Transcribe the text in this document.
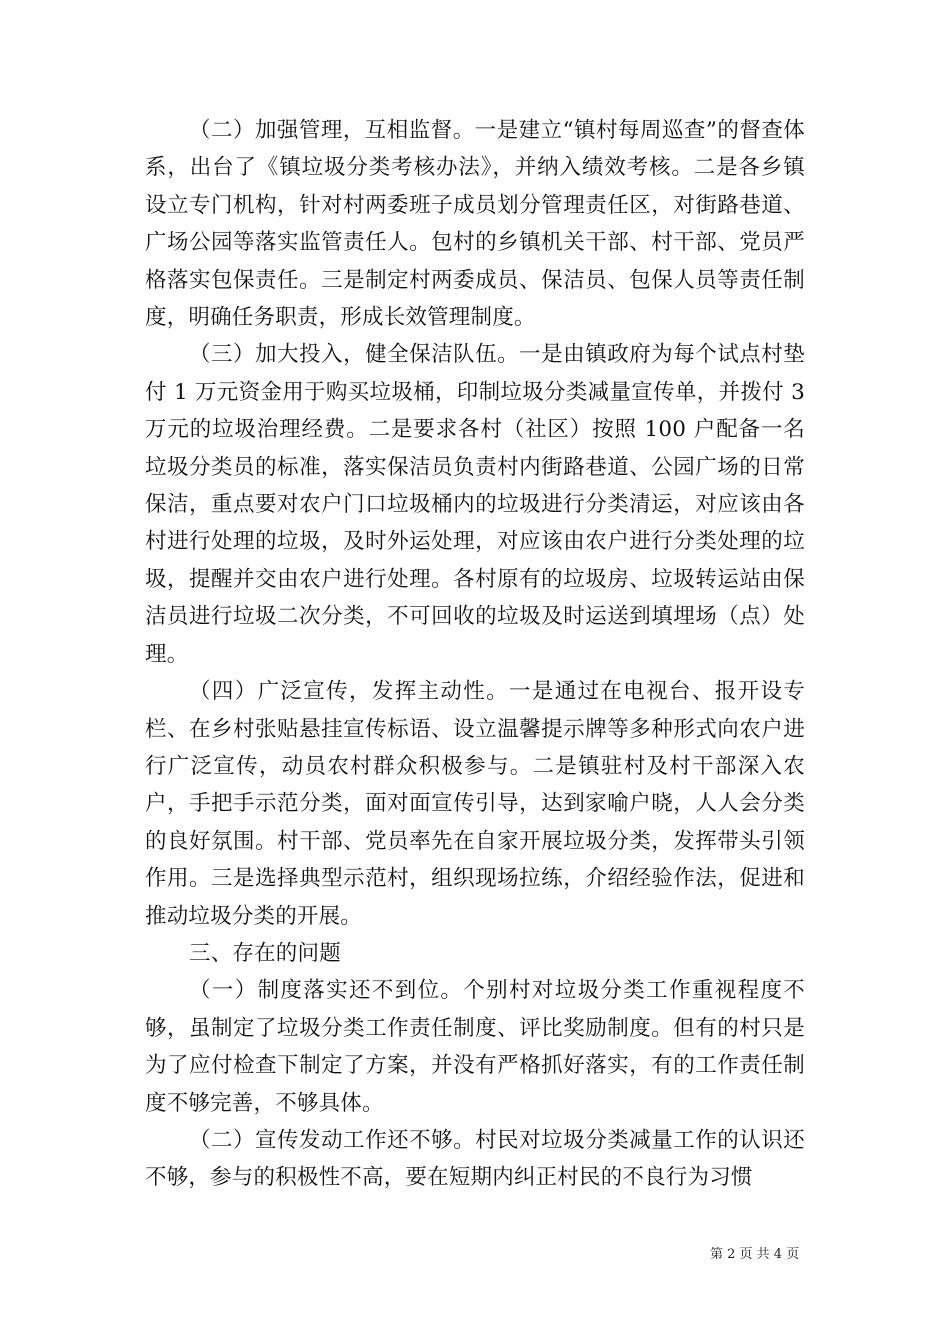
（二）加强管理，互相监督。一是建立“镇村每周巡查”的督查体系，出台了《镇垃圾分类考核办法》，并纳入绩效考核。二是各乡镇设立专门机构，针对村两委班子成员划分管理责任区，对街路巷道、广场公园等落实监管责任人。包村的乡镇机关干部、村干部、党员严格落实包保责任。三是制定村两委成员、保洁员、包保人员等责任制度，明确任务职责，形成长效管理制度。

（三）加大投入，健全保洁队伍。一是由镇政府为每个试点村垫付 1 万元资金用于购买垃圾桶，印制垃圾分类减量宣传单，并拨付 3 万元的垃圾治理经费。二是要求各村（社区）按照 100 户配备一名垃圾分类员的标准，落实保洁员负责村内街路巷道、公园广场的日常保洁，重点要对农户门口垃圾桶内的垃圾进行分类清运，对应该由各村进行处理的垃圾，及时外运处理，对应该由农户进行分类处理的垃圾，提醒并交由农户进行处理。各村原有的垃圾房、垃圾转运站由保洁员进行垃圾二次分类，不可回收的垃圾及时运送到填埋场（点）处理。

（四）广泛宣传，发挥主动性。一是通过在电视台、报开设专栏、在乡村张贴悬挂宣传标语、设立温馨提示牌等多种形式向农户进行广泛宣传，动员农村群众积极参与。二是镇驻村及村干部深入农户，手把手示范分类，面对面宣传引导，达到家喻户晓，人人会分类的良好氛围。村干部、党员率先在自家开展垃圾分类，发挥带头引领作用。三是选择典型示范村，组织现场拉练，介绍经验作法，促进和推动垃圾分类的开展。

三、存在的问题

（一）制度落实还不到位。个别村对垃圾分类工作重视程度不够，虽制定了垃圾分类工作责任制度、评比奖励制度。但有的村只是为了应付检查下制定了方案，并没有严格抓好落实，有的工作责任制度不够完善，不够具体。

（二）宣传发动工作还不够。村民对垃圾分类减量工作的认识还不够，参与的积极性不高，要在短期内纠正村民的不良行为习惯

第 2 页 共 4 页
